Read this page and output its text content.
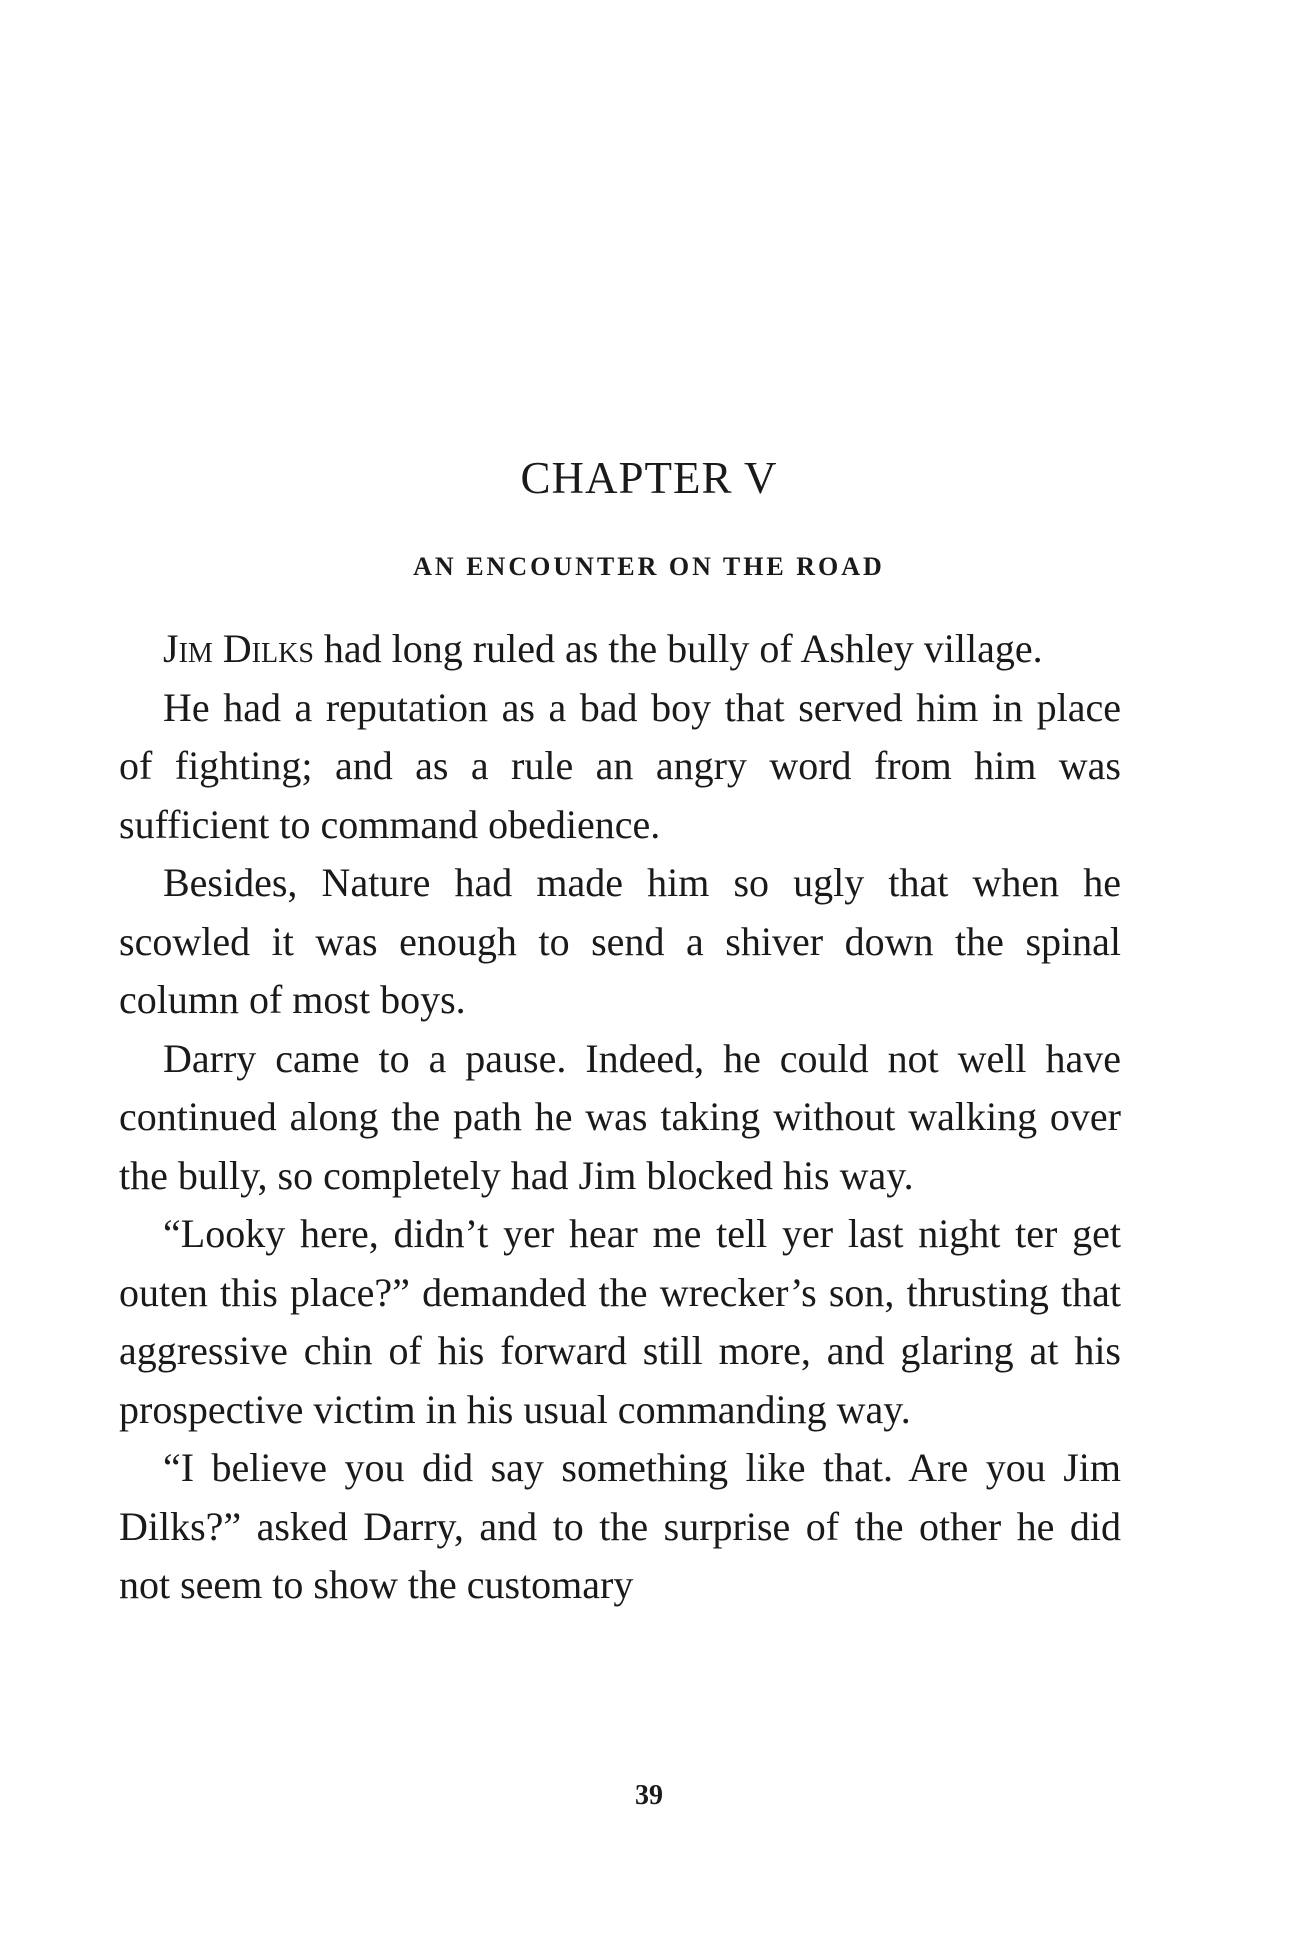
CHAPTER V
AN ENCOUNTER ON THE ROAD

Jim Dilks had long ruled as the bully of Ashley village.

He had a reputation as a bad boy that served him in place of fighting; and as a rule an angry word from him was sufficient to command obedience.

Besides, Nature had made him so ugly that when he scowled it was enough to send a shiver down the spinal column of most boys.

Darry came to a pause. Indeed, he could not well have continued along the path he was taking without walking over the bully, so completely had Jim blocked his way.

“Looky here, didn’t yer hear me tell yer last night ter get outen this place?” demanded the wrecker’s son, thrusting that aggressive chin of his forward still more, and glaring at his prospective victim in his usual commanding way.

“I believe you did say something like that. Are you Jim Dilks?” asked Darry, and to the surprise of the other he did not seem to show the customary

39
